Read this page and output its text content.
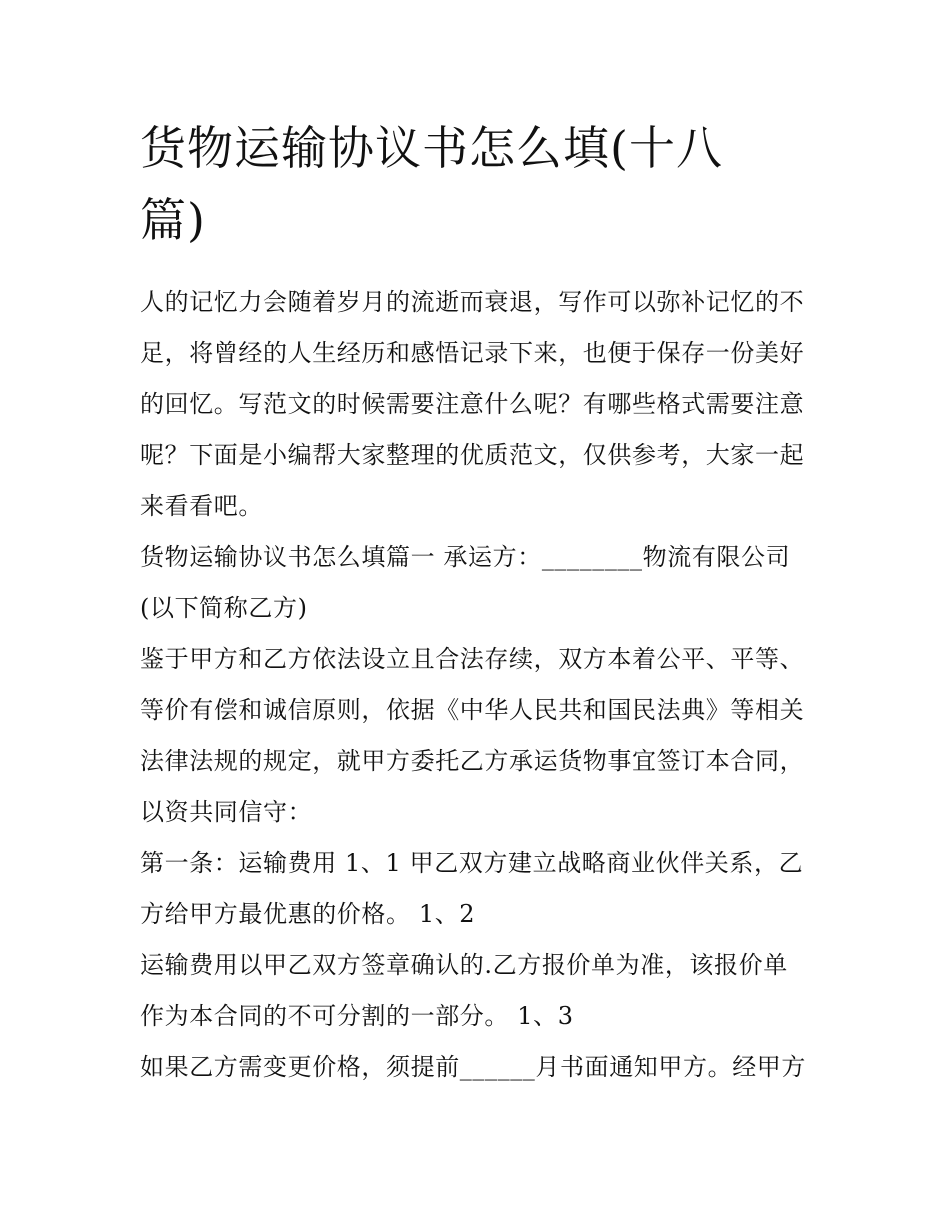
货物运输协议书怎么填(十八
篇)

人的记忆力会随着岁月的流逝而衰退，写作可以弥补记忆的不
足，将曾经的人生经历和感悟记录下来，也便于保存一份美好
的回忆。写范文的时候需要注意什么呢？有哪些格式需要注意
呢？下面是小编帮大家整理的优质范文，仅供参考，大家一起
来看看吧。

货物运输协议书怎么填篇一 承运方：________物流有限公司
(以下简称乙方)

鉴于甲方和乙方依法设立且合法存续，双方本着公平、平等、
等价有偿和诚信原则，依据《中华人民共和国民法典》等相关
法律法规的规定，就甲方委托乙方承运货物事宜签订本合同，
以资共同信守：

第一条：运输费用 1、1 甲乙双方建立战略商业伙伴关系，乙
方给甲方最优惠的价格。 1、2

运输费用以甲乙双方签章确认的.乙方报价单为准，该报价单
作为本合同的不可分割的一部分。 1、3

如果乙方需变更价格，须提前______月书面通知甲方。经甲方
